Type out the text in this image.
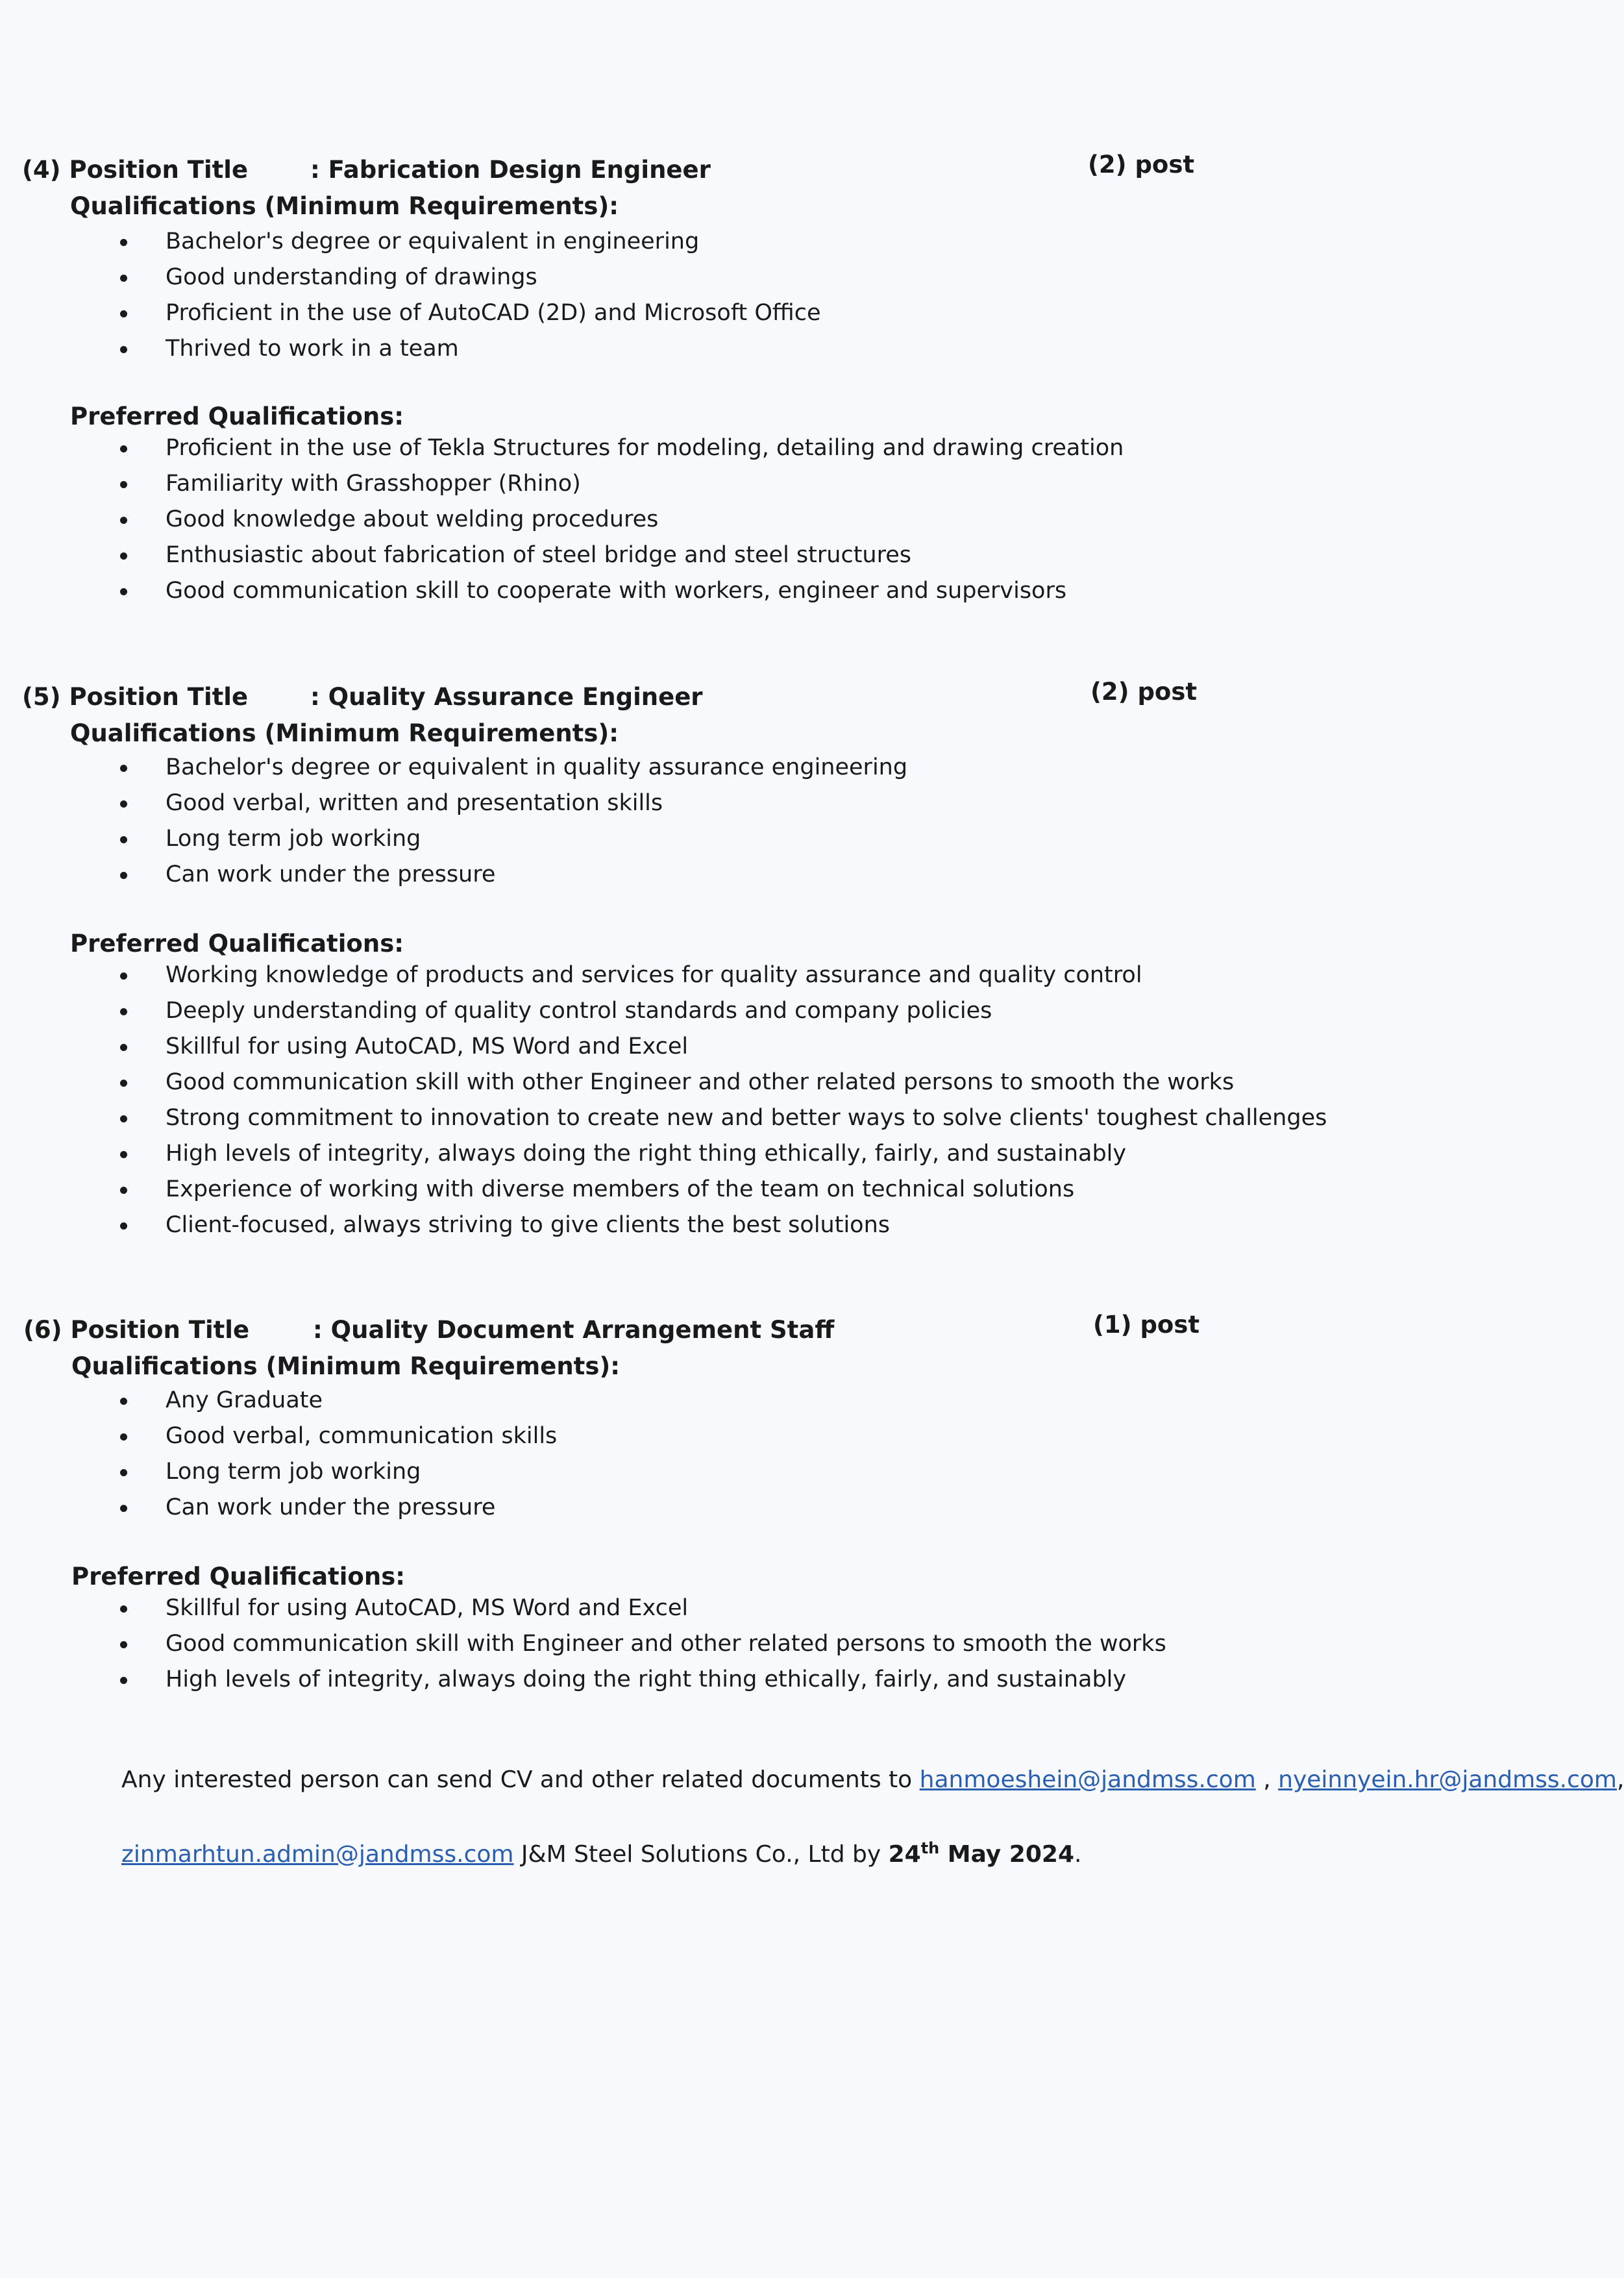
(4) Position Title	: Fabrication Design Engineer	(2) post
Qualifications (Minimum Requirements):
Bachelor's degree or equivalent in engineering
Good understanding of drawings
Proficient in the use of AutoCAD (2D) and Microsoft Office
Thrived to work in a team
Preferred Qualifications:
Proficient in the use of Tekla Structures for modeling, detailing and drawing creation
Familiarity with Grasshopper (Rhino)
Good knowledge about welding procedures
Enthusiastic about fabrication of steel bridge and steel structures
Good communication skill to cooperate with workers, engineer and supervisors
(5) Position Title	: Quality Assurance Engineer	(2) post
Qualifications (Minimum Requirements):
Bachelor's degree or equivalent in quality assurance engineering
Good verbal, written and presentation skills
Long term job working
Can work under the pressure
Preferred Qualifications:
Working knowledge of products and services for quality assurance and quality control
Deeply understanding of quality control standards and company policies
Skillful for using AutoCAD, MS Word and Excel
Good communication skill with other Engineer and other related persons to smooth the works
Strong commitment to innovation to create new and better ways to solve clients' toughest challenges
High levels of integrity, always doing the right thing ethically, fairly, and sustainably
Experience of working with diverse members of the team on technical solutions
Client-focused, always striving to give clients the best solutions
(6) Position Title	: Quality Document Arrangement Staff	(1) post
Qualifications (Minimum Requirements):
Any Graduate
Good verbal, communication skills
Long term job working
Can work under the pressure
Preferred Qualifications:
Skillful for using AutoCAD, MS Word and Excel
Good communication skill with Engineer and other related persons to smooth the works
High levels of integrity, always doing the right thing ethically, fairly, and sustainably
Any interested person can send CV and other related documents to hanmoeshein@jandmss.com , nyeinnyein.hr@jandmss.com,
zinmarhtun.admin@jandmss.com J&M Steel Solutions Co., Ltd by 24th May 2024.
